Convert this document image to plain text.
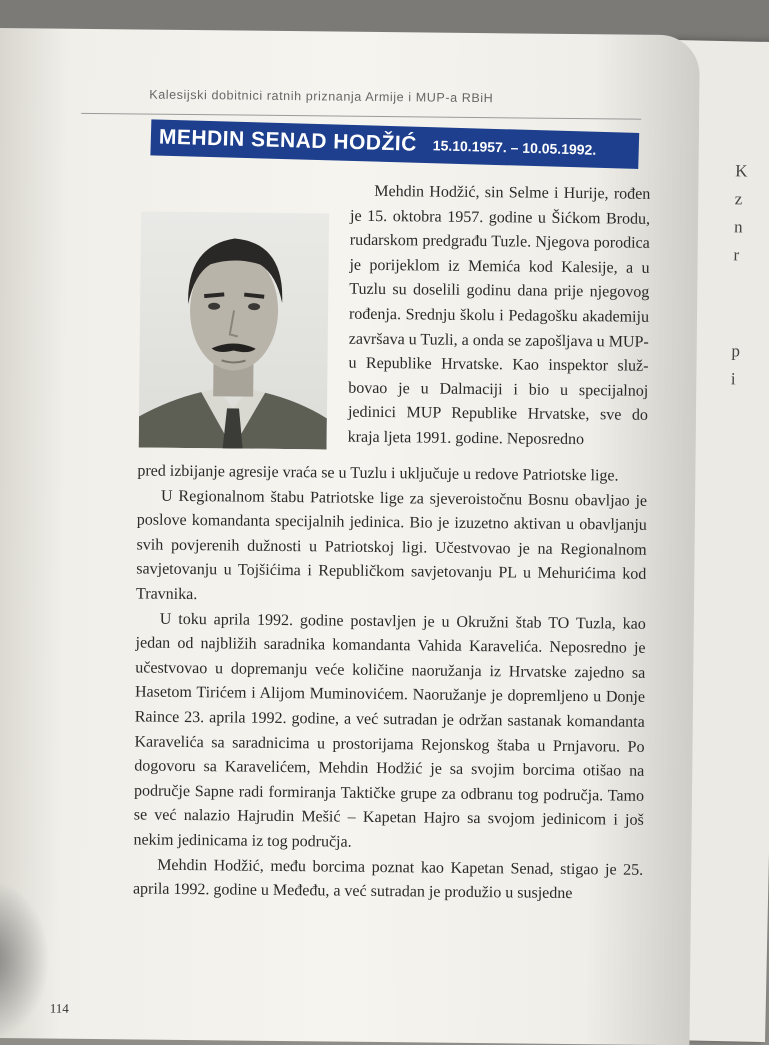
K
z
n
r
p
i
Kalesijski dobitnici ratnih priznanja Armije i MUP-a RBiH
MEHDIN SENAD HODŽIĆ 15.10.1957. – 10.05.1992.

Mehdin Hodžić, sin Selme i Hurije, rođen je 15. oktobra 1957. godine u Šićkom Brodu, rudarskom predgrađu Tuzle. Njegova porodica je porijeklom iz Memića kod Kalesije, a u Tuzlu su doselili godinu dana prije njegovog rođenja. Srednju školu i Pedagošku akademiju završava u Tuzli, a onda se zapošljava u MUP-u Republike Hrvatske. Kao inspektor služ-bovao je u Dalmaciji i bio u specijalnoj jedinici MUP Republike Hrvatske, sve do kraja ljeta 1991. godine. Neposredno

pred izbijanje agresije vraća se u Tuzlu i uključuje u redove Patriotske lige.

U Regionalnom štabu Patriotske lige za sjeveroistočnu Bosnu obavljao je poslove komandanta specijalnih jedinica. Bio je izuzetno aktivan u obavljanju svih povjerenih dužnosti u Patriotskoj ligi. Učestvovao je na Regionalnom savjetovanju u Tojšićima i Republičkom savjetovanju PL u Mehurićima kod Travnika.

U toku aprila 1992. godine postavljen je u Okružni štab TO Tuzla, kao jedan od najbližih saradnika komandanta Vahida Karavelića. Neposredno je učestvovao u dopremanju veće količine naoružanja iz Hrvatske zajedno sa Hasetom Tirićem i Alijom Muminovićem. Naoružanje je dopremljeno u Donje Raince 23. aprila 1992. godine, a već sutradan je održan sastanak komandanta Karavelića sa saradnicima u prostorijama Rejonskog štaba u Prnjavoru. Po dogovoru sa Karavelićem, Mehdin Hodžić je sa svojim borcima otišao na područje Sapne radi formiranja Taktičke grupe za odbranu tog područja. Tamo se već nalazio Hajrudin Mešić – Kapetan Hajro sa svojom jedinicom i još nekim jedinicama iz tog područja.

Mehdin Hodžić, među borcima poznat kao Kapetan Senad, stigao je 25. aprila 1992. godine u Međeđu, a već sutradan je produžio u susjedne

114
